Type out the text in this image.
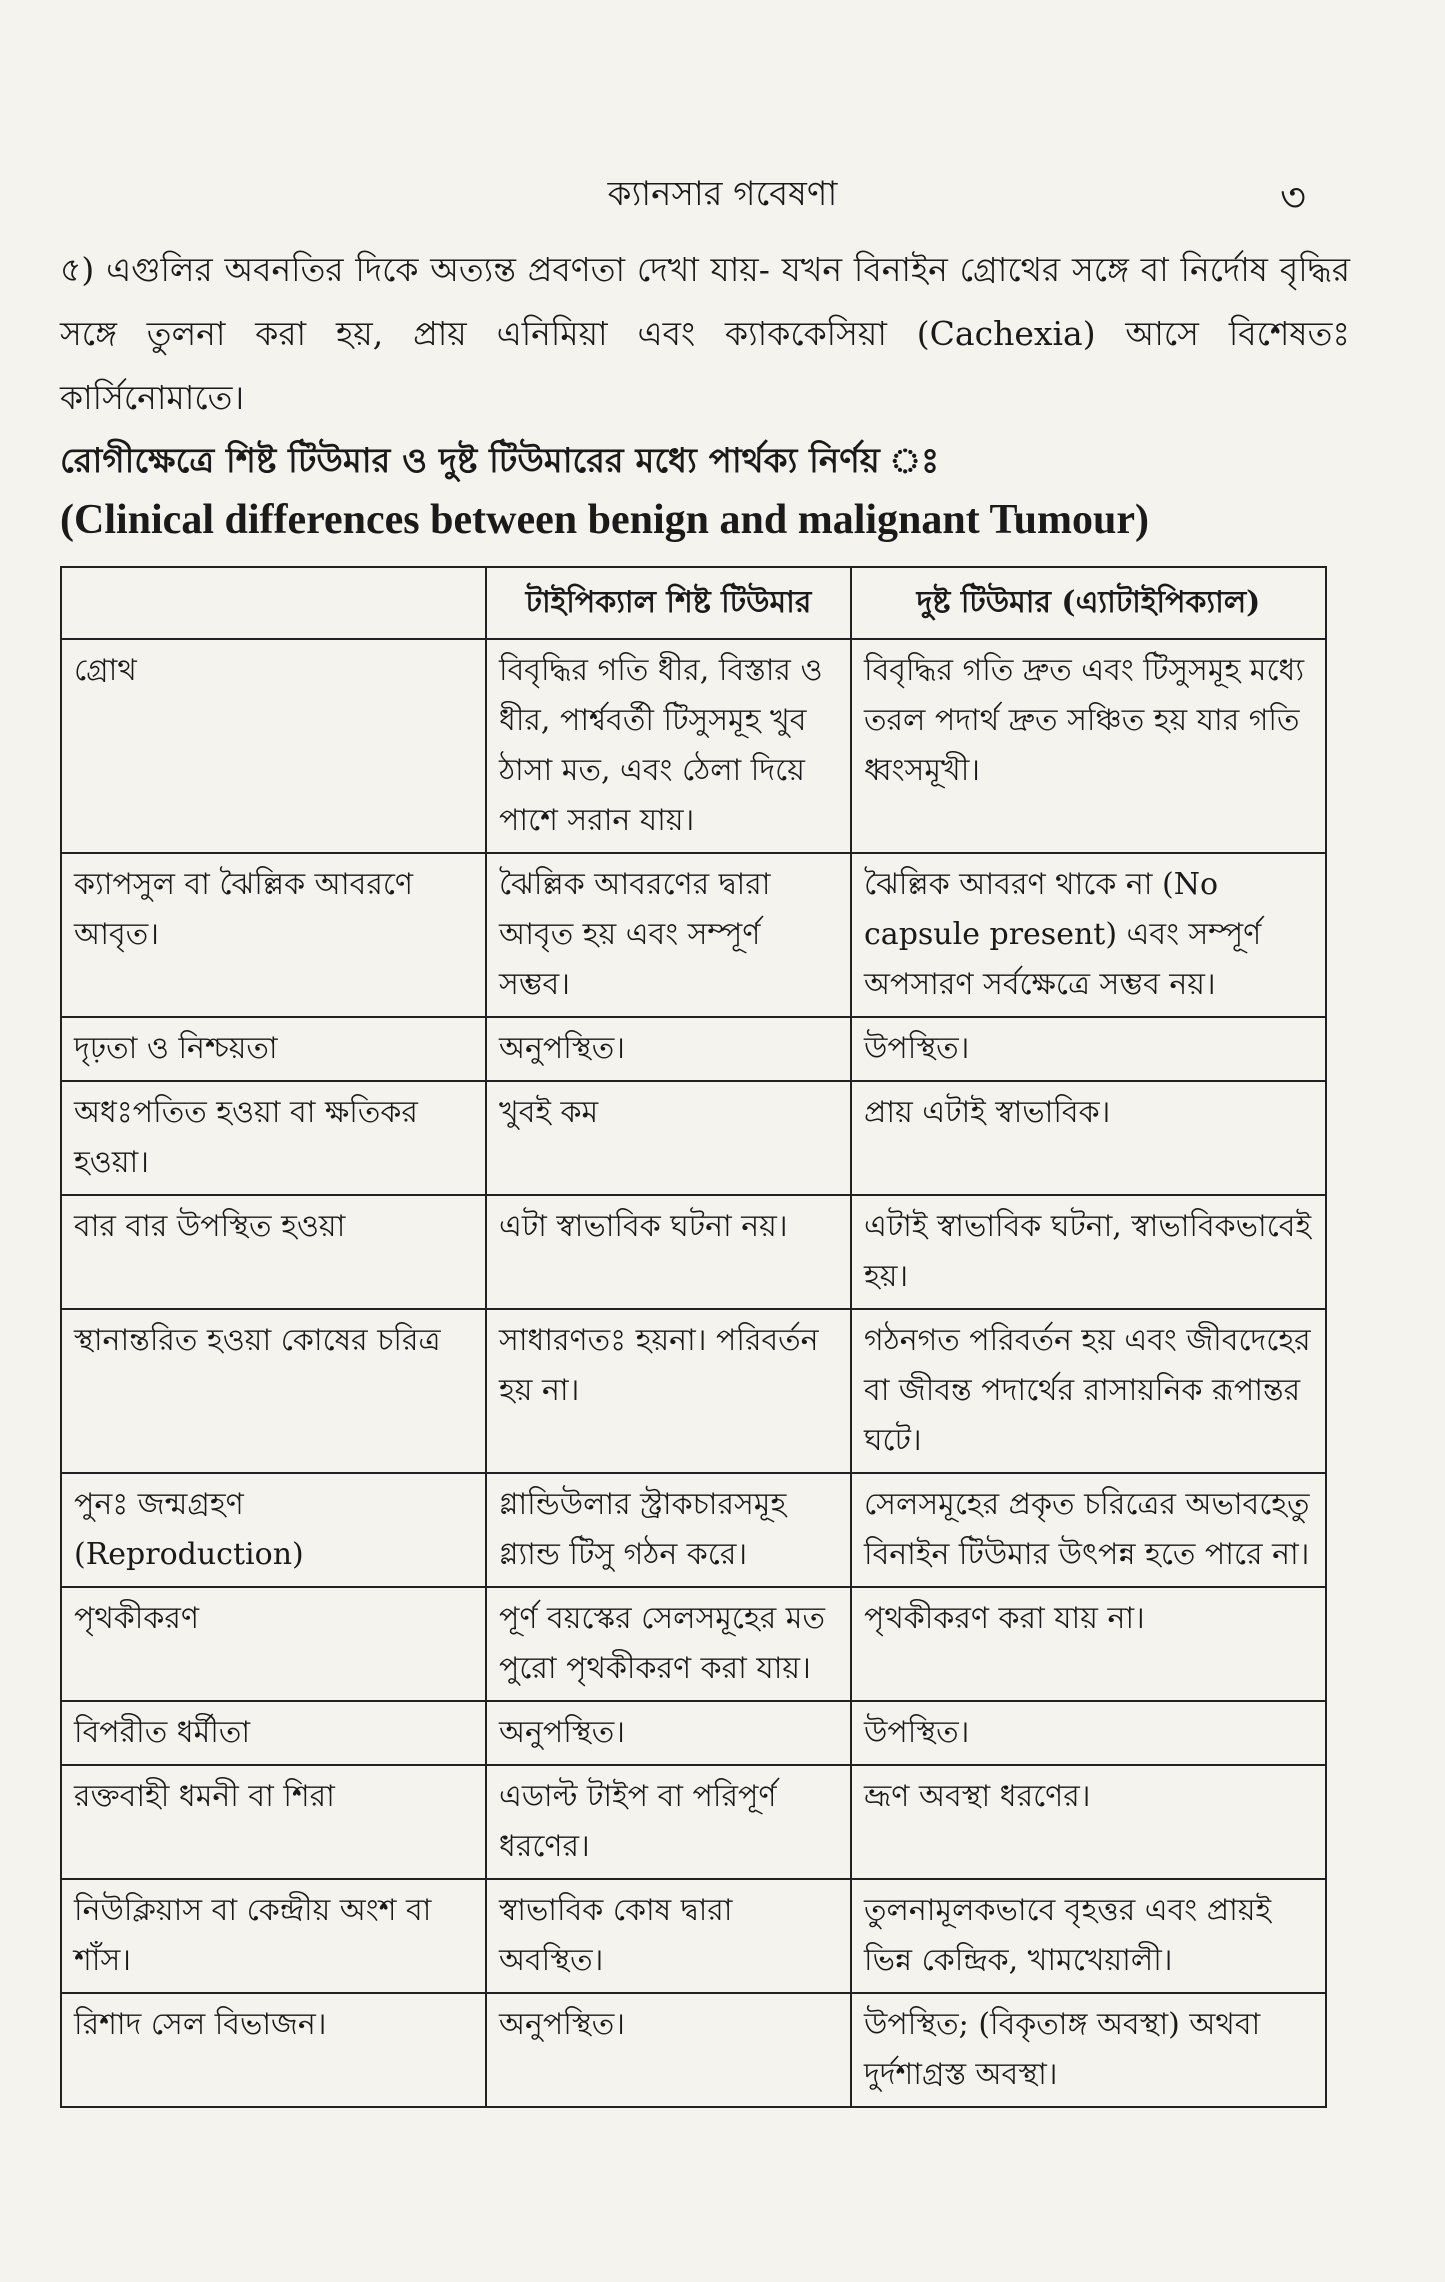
ক্যানসার গবেষণা	৩
৫) এগুলির অবনতির দিকে অত্যন্ত প্রবণতা দেখা যায়- যখন বিনাইন গ্রোথের সঙ্গে বা নির্দোষ বৃদ্ধির সঙ্গে তুলনা করা হয়, প্রায় এনিমিয়া এবং ক্যাককেসিয়া (Cachexia) আসে বিশেষতঃ কার্সিনোমাতে।
রোগীক্ষেত্রে শিষ্ট টিউমার ও দুষ্ট টিউমারের মধ্যে পার্থক্য নির্ণয় ঃ
(Clinical differences between benign and malignant Tumour)
	টাইপিক্যাল শিষ্ট টিউমার	দুষ্ট টিউমার (এ্যাটাইপিক্যাল)
গ্রোথ	বিবৃদ্ধির গতি ধীর, বিস্তার ও ধীর, পার্শ্ববর্তী টিসুসমূহ খুব ঠাসা মত, এবং ঠেলা দিয়ে পাশে সরান যায়।	বিবৃদ্ধির গতি দ্রুত এবং টিসুসমূহ মধ্যে তরল পদার্থ দ্রুত সঞ্চিত হয় যার গতি ধ্বংসমূখী।
ক্যাপসুল বা ঝৈল্লিক আবরণে আবৃত।	ঝৈল্লিক আবরণের দ্বারা আবৃত হয় এবং সম্পূর্ণ সম্ভব।	ঝৈল্লিক আবরণ থাকে না (No capsule present) এবং সম্পূর্ণ অপসারণ সর্বক্ষেত্রে সম্ভব নয়।
দৃঢ়তা ও নিশ্চয়তা	অনুপস্থিত।	উপস্থিত।
অধঃপতিত হওয়া বা ক্ষতিকর হওয়া।	খুবই কম	প্রায় এটাই স্বাভাবিক।
বার বার উপস্থিত হওয়া	এটা স্বাভাবিক ঘটনা নয়।	এটাই স্বাভাবিক ঘটনা, স্বাভাবিকভাবেই হয়।
স্থানান্তরিত হওয়া কোষের চরিত্র	সাধারণতঃ হয়না। পরিবর্তন হয় না।	গঠনগত পরিবর্তন হয় এবং জীবদেহের বা জীবন্ত পদার্থের রাসায়নিক রূপান্তর ঘটে।
পুনঃ জন্মগ্রহণ (Reproduction)	গ্লান্ডিউলার স্ট্রাকচারসমূহ গ্ল্যান্ড টিসু গঠন করে।	সেলসমূহের প্রকৃত চরিত্রের অভাবহেতু বিনাইন টিউমার উৎপন্ন হতে পারে না।
পৃথকীকরণ	পূর্ণ বয়স্কের সেলসমূহের মত পুরো পৃথকীকরণ করা যায়।	পৃথকীকরণ করা যায় না।
বিপরীত ধর্মীতা	অনুপস্থিত।	উপস্থিত।
রক্তবাহী ধমনী বা শিরা	এডাল্ট টাইপ বা পরিপূর্ণ ধরণের।	ভ্রূণ অবস্থা ধরণের।
নিউক্লিয়াস বা কেন্দ্রীয় অংশ বা শাঁস।	স্বাভাবিক কোষ দ্বারা অবস্থিত।	তুলনামূলকভাবে বৃহত্তর এবং প্রায়ই ভিন্ন কেন্দ্রিক, খামখেয়ালী।
রিশাদ সেল বিভাজন।	অনুপস্থিত।	উপস্থিত; (বিকৃতাঙ্গ অবস্থা) অথবা দুর্দশাগ্রস্ত অবস্থা।
